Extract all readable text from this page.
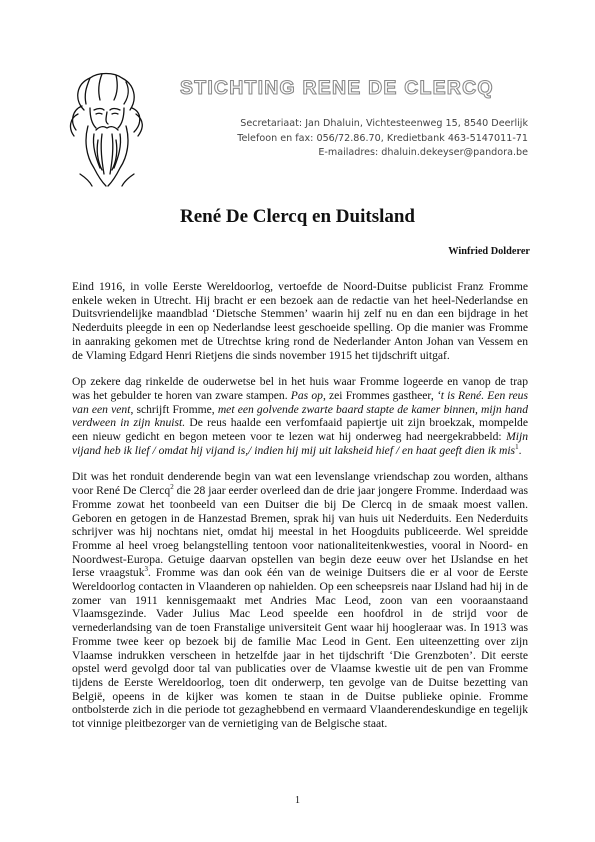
STICHTING RENE DE CLERCQ
Secretariaat: Jan Dhaluin, Vichtesteenweg 15, 8540 Deerlijk
Telefoon en fax: 056/72.86.70, Kredietbank 463-5147011-71
E-mailadres: dhaluin.dekeyser@pandora.be
René De Clercq en Duitsland
Winfried Dolderer

Eind 1916, in volle Eerste Wereldoorlog, vertoefde de Noord-Duitse publicist Franz Fromme enkele weken in Utrecht. Hij bracht er een bezoek aan de redactie van het heel-Nederlandse en Duitsvriendelijke maandblad ‘Dietsche Stemmen’ waarin hij zelf nu en dan een bijdrage in het Nederduits pleegde in een op Nederlandse leest geschoeide spelling. Op die manier was Fromme in aanraking gekomen met de Utrechtse kring rond de Nederlander Anton Johan van Vessem en de Vlaming Edgard Henri Rietjens die sinds november 1915 het tijdschrift uitgaf.

Op zekere dag rinkelde de ouderwetse bel in het huis waar Fromme logeerde en vanop de trap was het gebulder te horen van zware stampen. Pas op, zei Frommes gastheer, ‘t is René. Een reus van een vent, schrijft Fromme, met een golvende zwarte baard stapte de kamer binnen, mijn hand verdween in zijn knuist. De reus haalde een verfomfaaid papiertje uit zijn broekzak, mompelde een nieuw gedicht en begon meteen voor te lezen wat hij onderweg had neergekrabbeld: Mijn vijand heb ik lief / omdat hij vijand is,/ indien hij mij uit laksheid hief / en haat geeft dien ik mis$^1$.

Dit was het ronduit denderende begin van wat een levenslange vriendschap zou worden, althans voor René De Clercq$^2$ die 28 jaar eerder overleed dan de drie jaar jongere Fromme. Inderdaad was Fromme zowat het toonbeeld van een Duitser die bij De Clercq in de smaak moest vallen. Geboren en getogen in de Hanzestad Bremen, sprak hij van huis uit Nederduits. Een Nederduits schrijver was hij nochtans niet, omdat hij meestal in het Hoogduits publiceerde. Wel spreidde Fromme al heel vroeg belangstelling tentoon voor nationaliteitenkwesties, vooral in Noord- en Noordwest-Europa. Getuige daarvan opstellen van begin deze eeuw over het IJslandse en het Ierse vraagstuk$^3$. Fromme was dan ook één van de weinige Duitsers die er al voor de Eerste Wereldoorlog contacten in Vlaanderen op nahielden. Op een scheepsreis naar IJsland had hij in de zomer van 1911 kennisgemaakt met Andries Mac Leod, zoon van een vooraanstaand Vlaamsgezinde. Vader Julius Mac Leod speelde een hoofdrol in de strijd voor de vernederlandsing van de toen Franstalige universiteit Gent waar hij hoogleraar was. In 1913 was Fromme twee keer op bezoek bij de familie Mac Leod in Gent. Een uiteenzetting over zijn Vlaamse indrukken verscheen in hetzelfde jaar in het tijdschrift ‘Die Grenzboten’. Dit eerste opstel werd gevolgd door tal van publicaties over de Vlaamse kwestie uit de pen van Fromme tijdens de Eerste Wereldoorlog, toen dit onderwerp, ten gevolge van de Duitse bezetting van België, opeens in de kijker was komen te staan in de Duitse publieke opinie. Fromme ontbolsterde zich in die periode tot gezaghebbend en vermaard Vlaanderendeskundige en tegelijk tot vinnige pleitbezorger van de vernietiging van de Belgische staat.

1
